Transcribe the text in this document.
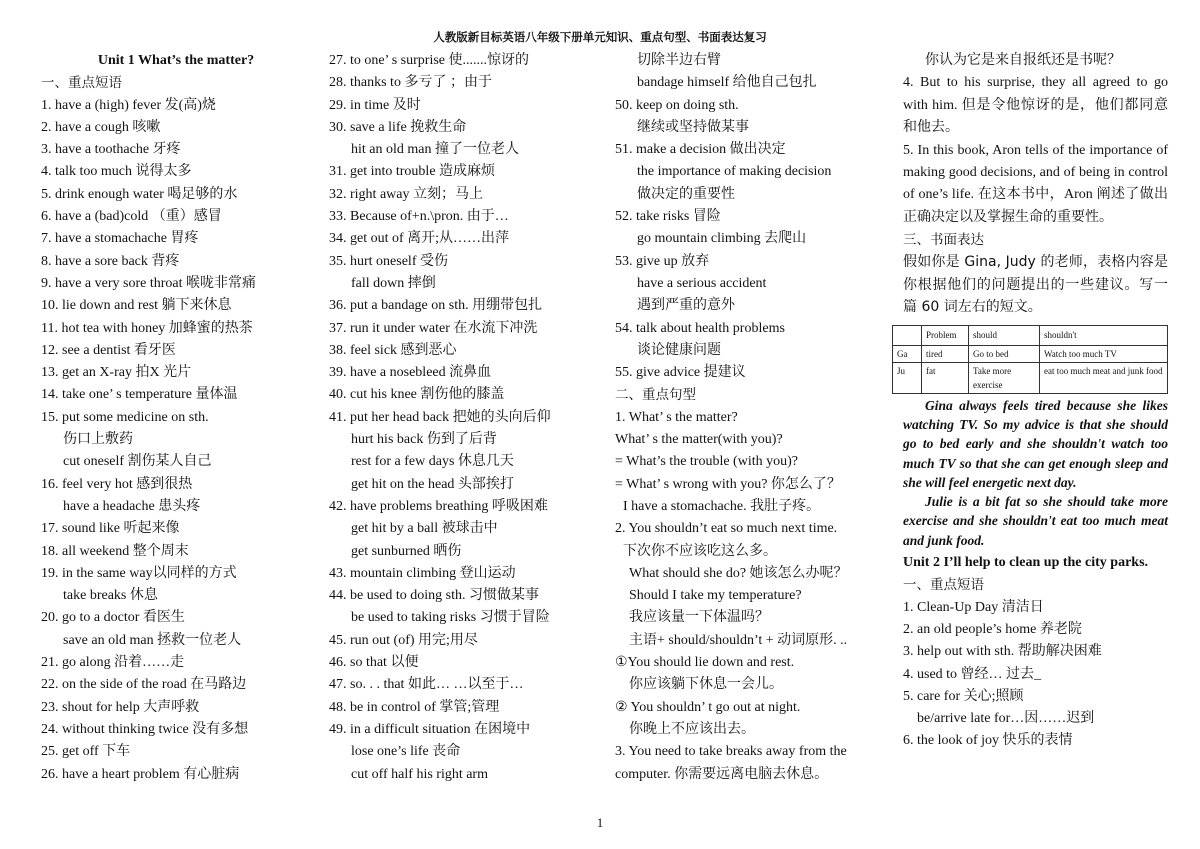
人教版新目标英语八年级下册单元知识、重点句型、书面表达复习
Unit 1 What’s the matter?
一、重点短语
1. have a (high) fever 发(高)烧
2. have a cough 咳嗽
3. have a toothache 牙疼
4. talk too much 说得太多
5. drink enough water 喝足够的水
6. have a (bad)cold （重）感冒
7. have a stomachache 胃疼
8. have a sore back 背疼
9. have a very sore throat 喉咙非常痛
10. lie down and rest 躺下来休息
11. hot tea with honey 加蜂蜜的热茶
12. see a dentist 看牙医
13. get an X-ray 拍X 光片
14. take one’ s temperature 量体温
15. put some medicine on sth.
伤口上敷药
cut oneself 割伤某人自己
16. feel very hot 感到很热
have a headache 患头疼
17. sound like 听起来像
18. all weekend 整个周末
19. in the same way以同样的方式
take breaks 休息
20. go to a doctor 看医生
save an old man 拯救一位老人
21. go along 沿着……走
22. on the side of the road 在马路边
23. shout for help 大声呼救
24. without thinking twice 没有多想
25. get off 下车
26. have a heart problem 有心脏病
27. to one’ s surprise 使.......惊讶的
28. thanks to 多亏了 ；由于
29. in time 及时
30. save a life 挽救生命
hit an old man 撞了一位老人
31. get into trouble 造成麻烦
32. right away 立刻；马上
33. Because of+n.\pron. 由于…
34. get out of 离开;从……出萍
35. hurt oneself 受伤
fall down 摔倒
36. put a bandage on sth. 用绷带包扎
37. run it under water 在水流下冲洗
38. feel sick 感到恶心
39. have a nosebleed 流鼻血
40. cut his knee 割伤他的膝盖
41. put her head back 把她的头向后仰
hurt his back 伤到了后背
rest for a few days 休息几天
get hit on the head 头部挨打
42. have problems breathing 呼吸困难
get hit by a ball 被球击中
get sunburned 晒伤
43. mountain climbing 登山运动
44. be used to doing sth. 习惯做某事
be used to taking risks 习惯于冒险
45. run out (of) 用完;用尽
46. so that 以便
47. so. . . that 如此… …以至于…
48. be in control of 掌管;管理
49. in a difficult situation 在困境中
lose one’s life 丧命
cut off half his right arm
切除半边右臂
bandage himself 给他自己包扎
50. keep on doing sth.
继续或坚持做某事
51. make a decision 做出决定
the importance of making decision
做决定的重要性
52. take risks 冒险
go mountain climbing 去爬山
53. give up 放弃
have a serious accident
遇到严重的意外
54. talk about health problems
谈论健康问题
55. give advice 提建议
二、重点句型
1. What’ s the matter?
What’ s the matter(with you)?
= What’s the trouble (with you)?
= What’ s wrong with you? 你怎么了？
I have a stomachache. 我肚子疼。
2. You shouldn’t eat so much next time.
下次你不应该吃这么多。
What should she do? 她该怎么办呢？
Should I take my temperature?
我应该量一下体温吗？
主语+ should/shouldn’t + 动词原形. ..
①You should lie down and rest.
你应该躺下休息一会儿。
② You shouldn’ t go out at night.
你晚上不应该出去。
3. You need to take breaks away from the
computer. 你需要远离电脑去休息。
你认为它是来自报纸还是书呢？
4. But to his surprise, they all agreed to go with him. 但是令他惊讶的是，他们都同意和他去。
5. In this book, Aron tells of the importance of making good decisions, and of being in control of one’s life. 在这本书中，Aron 阐述了做出正确决定以及掌握生命的重要性。
三、书面表达
假如你是 Gina, Judy 的老师，表格内容是你根据他们的问题提出的一些建议。写一篇 60 词左右的短文。
	Problem	should	shouldn't
Ga	tired	Go to bed	Watch too much TV
Ju	fat	Take more exercise	eat too much meat and junk food
Gina always feels tired because she likes watching TV. So my advice is that she should go to bed early and she shouldn't watch too much TV so that she can get enough sleep and she will feel energetic next day.
Julie is a bit fat so she should take more exercise and she shouldn't eat too much meat and junk food.
Unit 2 I’ll help to clean up the city parks.
一、重点短语
1. Clean-Up Day 清洁日
2. an old people’s home 养老院
3. help out with sth. 帮助解决困难
4. used to 曾经… 过去_
5. care for 关心;照顾
be/arrive late for…因……迟到
6. the look of joy 快乐的表情
1
